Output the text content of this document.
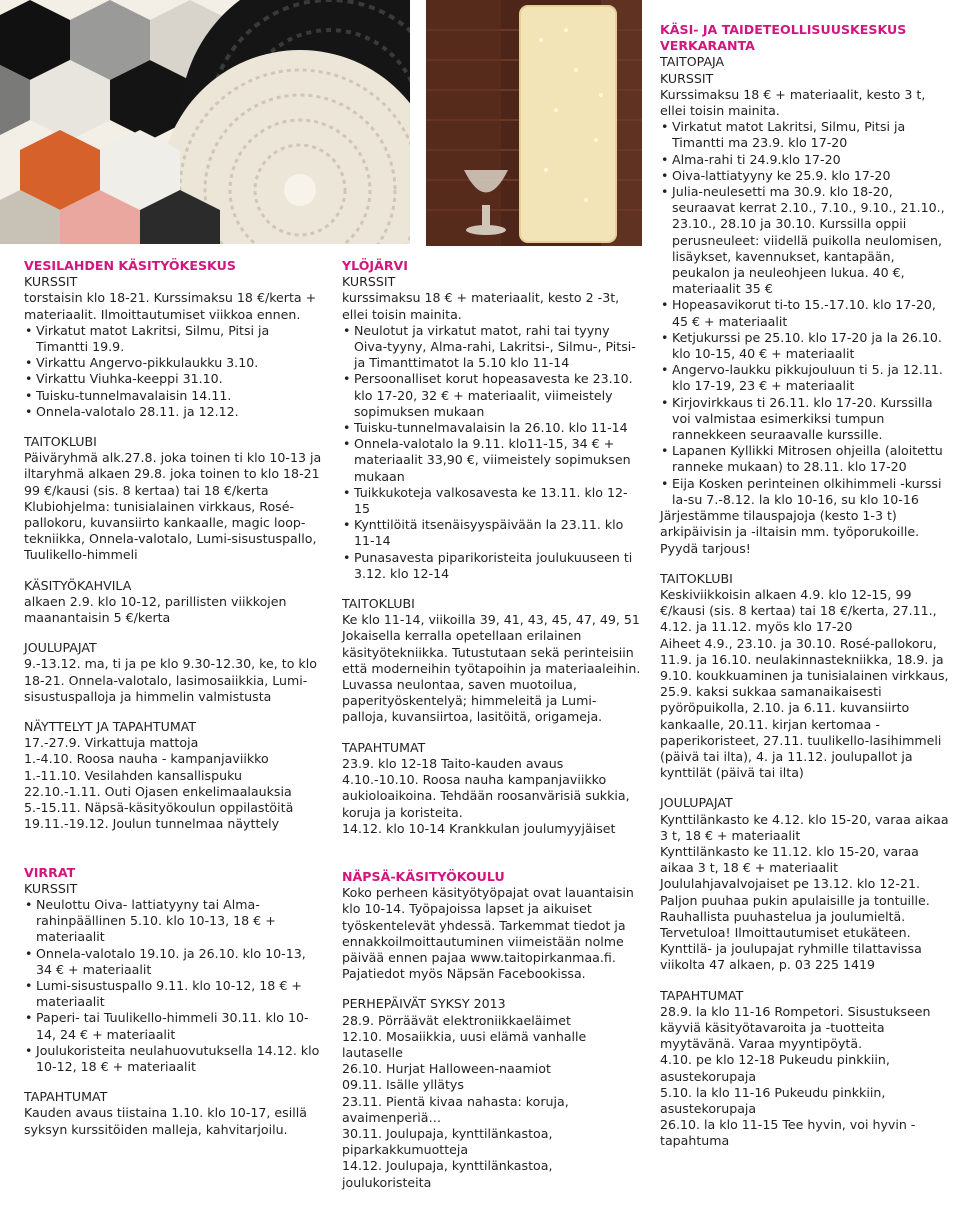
VESILAHDEN KÄSITYÖKESKUS

KURSSIT

torstaisin klo 18-21. Kurssimaksu 18 €/kerta + materiaalit. Ilmoittautumiset viikkoa ennen.

• Virkatut matot Lakritsi, Silmu, Pitsi ja Timantti 19.9.
• Virkattu Angervo-pikkulaukku 3.10.
• Virkattu Viuhka-keeppi 31.10.
• Tuisku-tunnelmavalaisin 14.11.
• Onnela-valotalo 28.11. ja 12.12.

TAITOKLUBI

Päiväryhmä alk.27.8. joka toinen ti klo 10-13 ja iltaryhmä alkaen 29.8. joka toinen to klo 18-21 99 €/kausi (sis. 8 kertaa) tai 18 €/kerta
Klubiohjelma: tunisialainen virkkaus, Rosé-pallokoru, kuvansiirto kankaalle, magic loop-tekniikka, Onnela-valotalo, Lumi-sisustuspallo, Tuulikello-himmeli

KÄSITYÖKAHVILA

alkaen 2.9. klo 10-12, parillisten viikkojen maanantaisin 5 €/kerta

JOULUPAJAT

9.-13.12. ma, ti ja pe klo 9.30-12.30, ke, to klo 18-21. Onnela-valotalo, lasimosaiikkia, Lumi-sisustuspalloja ja himmelin valmistusta

NÄYTTELYT JA TAPAHTUMAT

17.-27.9. Virkattuja mattoja
1.-4.10. Roosa nauha - kampanjaviikko
1.-11.10. Vesilahden kansallispuku
22.10.-1.11. Outi Ojasen enkelimaalauksia
5.-15.11. Näpsä-käsityökoulun oppilastöitä
19.11.-19.12. Joulun tunnelmaa näyttely

VIRRAT

KURSSIT

• Neulottu Oiva- lattiatyyny tai Alma-rahinpäällinen 5.10. klo 10-13, 18 € + materiaalit
• Onnela-valotalo 19.10. ja 26.10. klo 10-13, 34 € + materiaalit
• Lumi-sisustuspallo 9.11. klo 10-12, 18 € + materiaalit
• Paperi- tai Tuulikello-himmeli 30.11. klo 10-14, 24 € + materiaalit
• Joulukoristeita neulahuovutuksella 14.12. klo 10-12, 18 € + materiaalit

TAPAHTUMAT

Kauden avaus tiistaina 1.10. klo 10-17, esillä syksyn kurssitöiden malleja, kahvitarjoilu.

YLÖJÄRVI

KURSSIT

kurssimaksu 18 € + materiaalit, kesto 2 -3t, ellei toisin mainita.

• Neulotut ja virkatut matot, rahi tai tyyny Oiva-tyyny, Alma-rahi, Lakritsi-, Silmu-, Pitsi-ja Timanttimatot la 5.10 klo 11-14
• Persoonalliset korut hopeasavesta ke 23.10. klo 17-20, 32 € + materiaalit, viimeistely sopimuksen mukaan
• Tuisku-tunnelmavalaisin la 26.10. klo 11-14
• Onnela-valotalo la 9.11. klo11-15, 34 € + materiaalit 33,90 €, viimeistely sopimuksen mukaan
• Tuikkukoteja valkosavesta ke 13.11. klo 12-15
• Kynttilöitä itsenäisyyspäivään la 23.11. klo 11-14
• Punasavesta piparikoristeita joulukuuseen ti 3.12. klo 12-14

TAITOKLUBI

Ke klo 11-14, viikoilla 39, 41, 43, 45, 47, 49, 51 Jokaisella kerralla opetellaan erilainen käsityötekniikka. Tutustutaan sekä perinteisiin että moderneihin työtapoihin ja materiaaleihin. Luvassa neulontaa, saven muotoilua, paperityöskentelyä; himmeleitä ja Lumi-palloja, kuvansiirtoa, lasitöitä, origameja.

TAPAHTUMAT

23.9. klo 12-18 Taito-kauden avaus
4.10.-10.10. Roosa nauha kampanjaviikko aukioloaikoina. Tehdään roosanvärisiä sukkia, koruja ja koristeita.
14.12. klo 10-14 Krankkulan joulumyyjäiset

NÄPSÄ-KÄSITYÖKOULU

Koko perheen käsityötyöpajat ovat lauantaisin klo 10-14. Työpajoissa lapset ja aikuiset työskentelevät yhdessä. Tarkemmat tiedot ja ennakkoilmoittautuminen viimeistään nolme päivää ennen pajaa www.taitopirkanmaa.fi. Pajatiedot myös Näpsän Facebookissa.

PERHEPÄIVÄT SYKSY 2013

28.9. Pörräävät elektroniikkaeläimet
12.10. Mosaiikkia, uusi elämä vanhalle lautaselle
26.10. Hurjat Halloween-naamiot
09.11. Isälle yllätys
23.11. Pientä kivaa nahasta: koruja, avaimenperiä…
30.11. Joulupaja, kynttilänkastoa, piparkakkumuotteja
14.12. Joulupaja, kynttilänkastoa, joulukoristeita

KÄSI- JA TAIDETEOLLISUUSKESKUS VERKARANTA

TAITOPAJA

KURSSIT

Kurssimaksu 18 € + materiaalit, kesto 3 t, ellei toisin mainita.

• Virkatut matot Lakritsi, Silmu, Pitsi ja Timantti ma 23.9. klo 17-20
• Alma-rahi ti 24.9.klo 17-20
• Oiva-lattiatyyny ke 25.9. klo 17-20
• Julia-neulesetti ma 30.9. klo 18-20, seuraavat kerrat 2.10., 7.10., 9.10., 21.10., 23.10., 28.10 ja 30.10. Kurssilla oppii perusneuleet: viidellä puikolla neulomisen, lisäykset, kavennukset, kantapään, peukalon ja neuleohjeen lukua. 40 €, materiaalit 35 €
• Hopeasavikorut ti-to 15.-17.10. klo 17-20, 45 € + materiaalit
• Ketjukurssi pe 25.10. klo 17-20 ja la 26.10. klo 10-15, 40 € + materiaalit
• Angervo-laukku pikkujouluun ti 5. ja 12.11. klo 17-19, 23 € + materiaalit
• Kirjovirkkaus ti 26.11. klo 17-20. Kurssilla voi valmistaa esimerkiksi tumpun rannekkeen seuraavalle kurssille.
• Lapanen Kyllikki Mitrosen ohjeilla (aloitettu ranneke mukaan) to 28.11. klo 17-20
• Eija Kosken perinteinen olkihimmeli -kurssi la-su 7.-8.12. la klo 10-16, su klo 10-16

Järjestämme tilauspajoja (kesto 1-3 t) arkipäivisin ja -iltaisin mm. työporukoille. Pyydä tarjous!

TAITOKLUBI

Keskiviikkoisin alkaen 4.9. klo 12-15, 99 €/kausi (sis. 8 kertaa) tai 18 €/kerta, 27.11., 4.12. ja 11.12. myös klo 17-20
Aiheet 4.9., 23.10. ja 30.10. Rosé-pallokoru, 11.9. ja 16.10. neulakinnastekniikka, 18.9. ja 9.10. koukkuaminen ja tunisialainen virkkaus, 25.9. kaksi sukkaa samanaikaisesti pyöröpuikolla, 2.10. ja 6.11. kuvansiirto kankaalle, 20.11. kirjan kertomaa -paperikoristeet, 27.11. tuulikello-lasihimmeli (päivä tai ilta), 4. ja 11.12. joulupallot ja kynttilät (päivä tai ilta)

JOULUPAJAT

Kynttilänkasto ke 4.12. klo 15-20, varaa aikaa 3 t, 18 € + materiaalit
Kynttilänkasto ke 11.12. klo 15-20, varaa aikaa 3 t, 18 € + materiaalit
Joululahjavalvojaiset pe 13.12. klo 12-21. Paljon puuhaa pukin apulaisille ja tontuille. Rauhallista puuhastelua ja joulumieltä. Tervetuloa! Ilmoittautumiset etukäteen.
Kynttilä- ja joulupajat ryhmille tilattavissa viikolta 47 alkaen, p. 03 225 1419

TAPAHTUMAT

28.9. la klo 11-16 Rompetori. Sisustukseen käyviä käsityötavaroita ja -tuotteita myytävänä. Varaa myyntipöytä.
4.10. pe klo 12-18 Pukeudu pinkkiin, asustekorupaja
5.10. la klo 11-16 Pukeudu pinkkiin, asustekorupaja
26.10. la klo 11-15 Tee hyvin, voi hyvin - tapahtuma
